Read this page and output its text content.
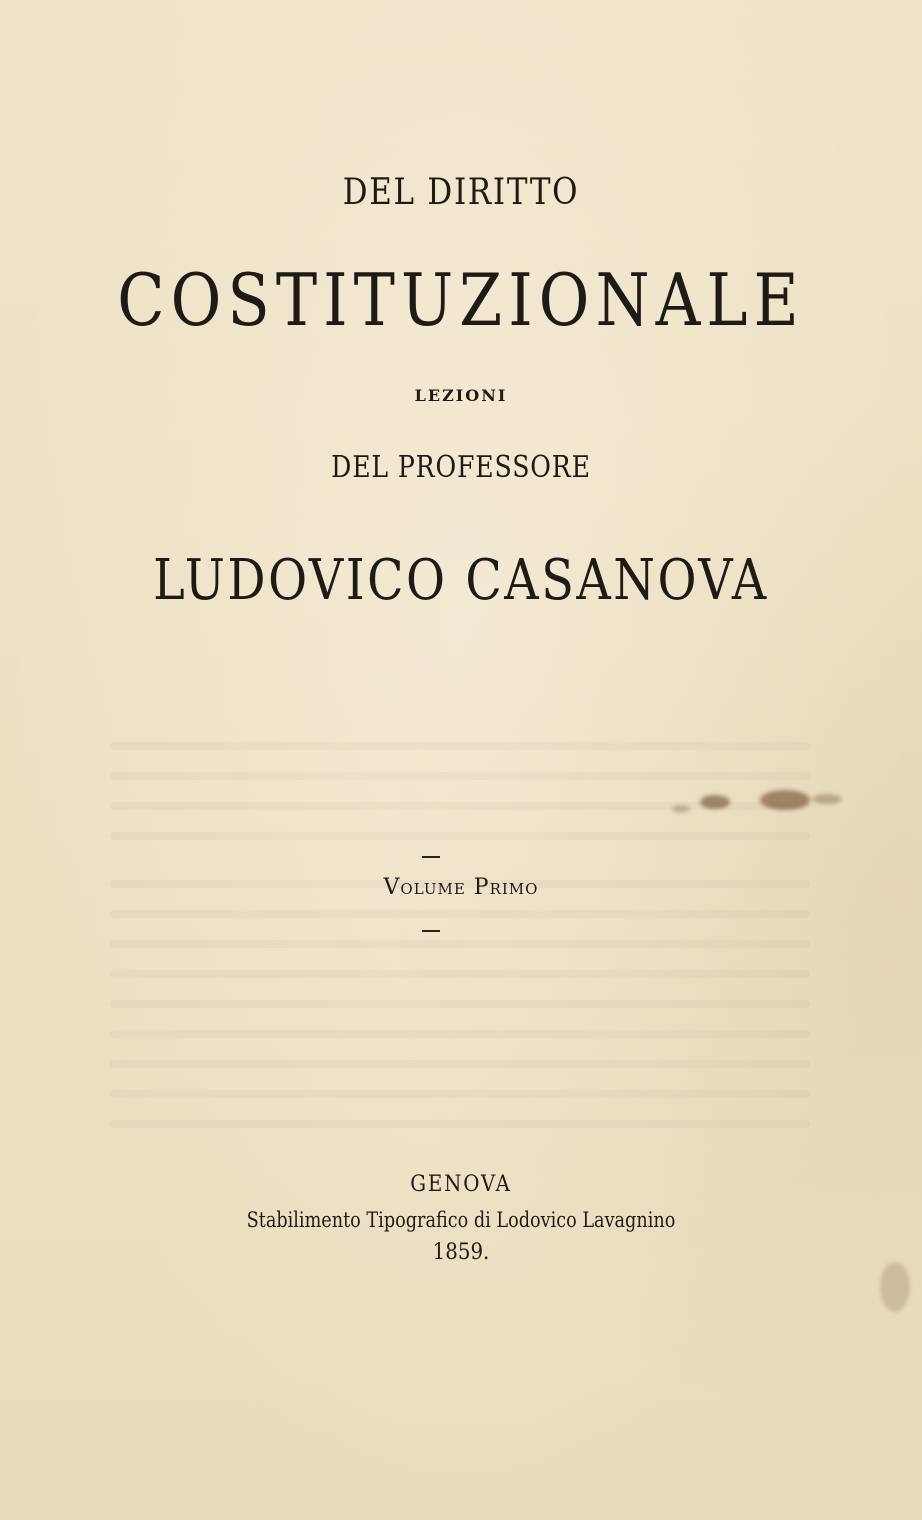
DEL DIRITTO
COSTITUZIONALE
LEZIONI
DEL PROFESSORE
LUDOVICO CASANOVA
Volume Primo
GENOVA
Stabilimento Tipografico di Lodovico Lavagnino
1859.
